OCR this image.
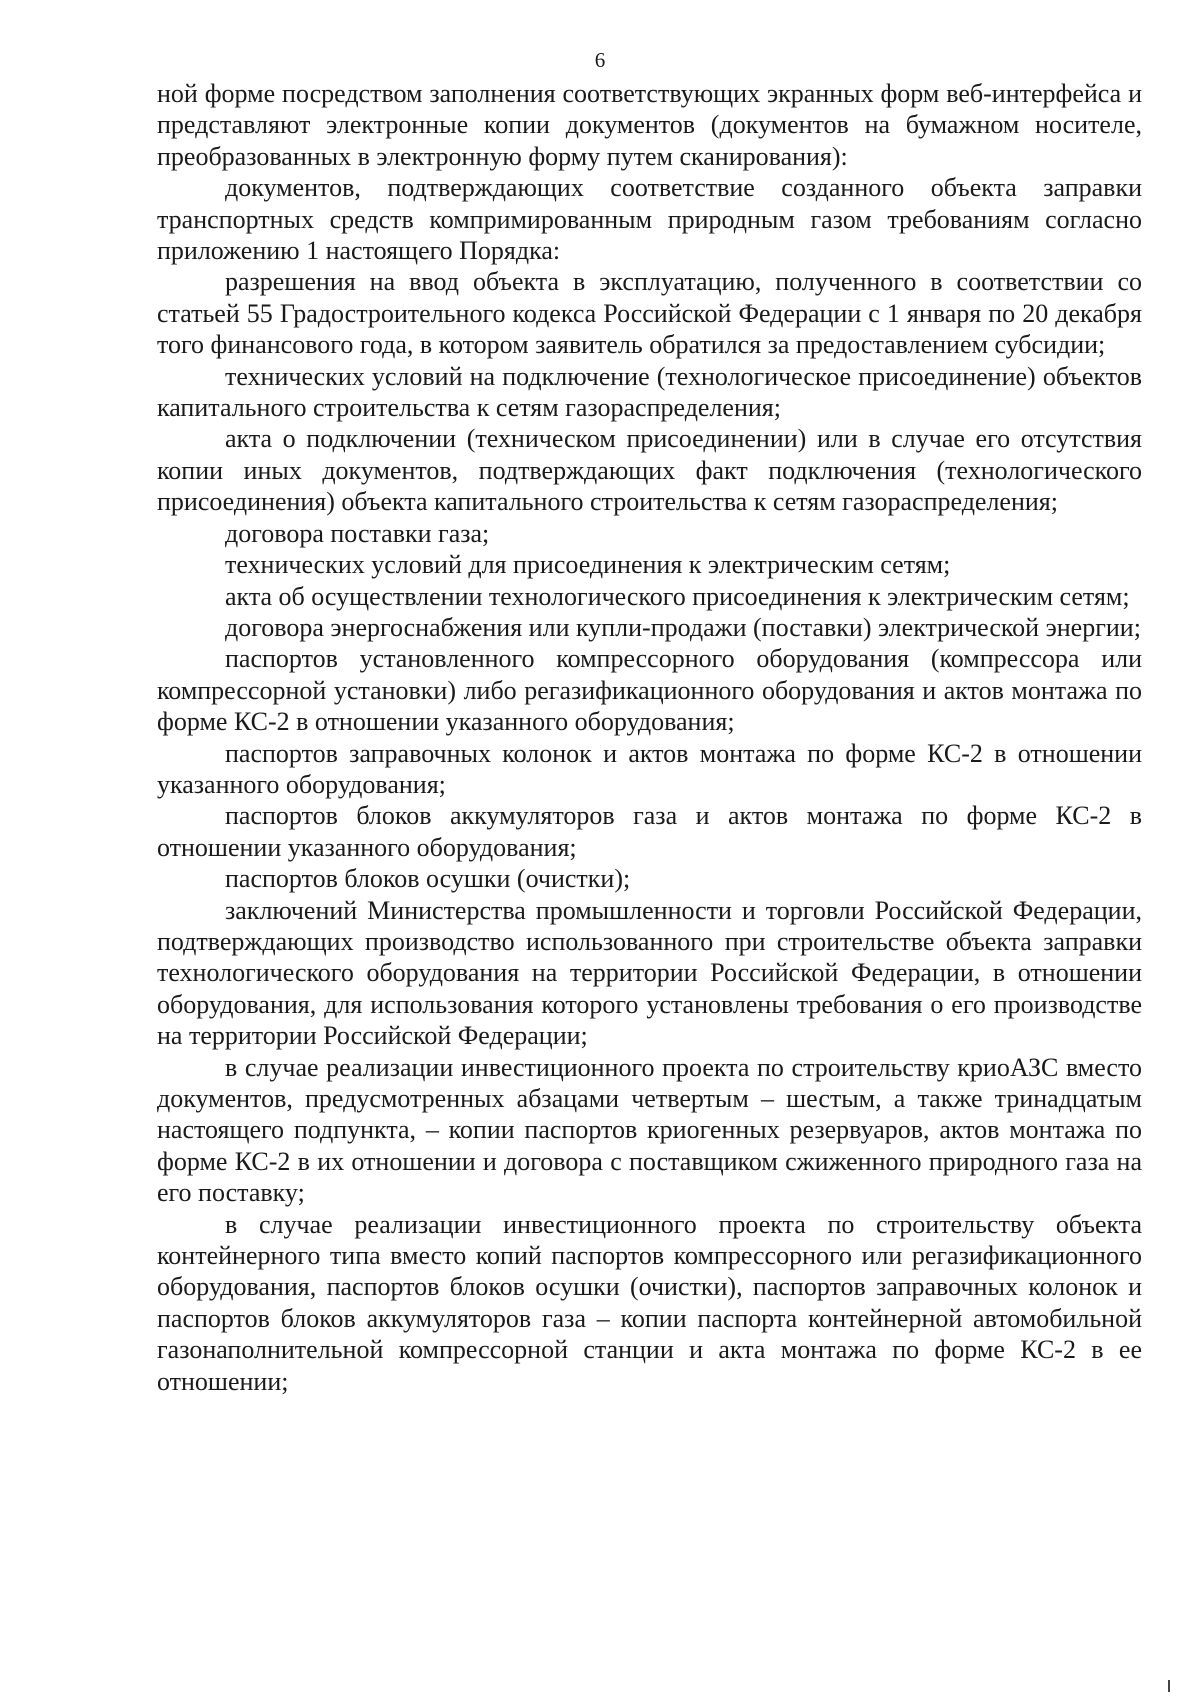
6

ной форме посредством заполнения соответствующих экранных форм веб-интерфейса и представляют электронные копии документов (документов на бумажном носителе, преобразованных в электронную форму путем сканирования):

документов, подтверждающих соответствие созданного объекта заправки транспортных средств компримированным природным газом требованиям согласно приложению 1 настоящего Порядка:

разрешения на ввод объекта в эксплуатацию, полученного в соответствии со статьей 55 Градостроительного кодекса Российской Федерации с 1 января по 20 декабря того финансового года, в котором заявитель обратился за предоставлением субсидии;

технических условий на подключение (технологическое присоединение) объектов капитального строительства к сетям газораспределения;

акта о подключении (техническом присоединении) или в случае его отсутствия копии иных документов, подтверждающих факт подключения (технологического присоединения) объекта капитального строительства к сетям газораспределения;

договора поставки газа;

технических условий для присоединения к электрическим сетям;

акта об осуществлении технологического присоединения к электрическим сетям;

договора энергоснабжения или купли-продажи (поставки) электрической энергии;

паспортов установленного компрессорного оборудования (компрессора или компрессорной установки) либо регазификационного оборудования и актов монтажа по форме КС-2 в отношении указанного оборудования;

паспортов заправочных колонок и актов монтажа по форме КС-2 в отношении указанного оборудования;

паспортов блоков аккумуляторов газа и актов монтажа по форме КС-2 в отношении указанного оборудования;

паспортов блоков осушки (очистки);

заключений Министерства промышленности и торговли Российской Федерации, подтверждающих производство использованного при строительстве объекта заправки технологического оборудования на территории Российской Федерации, в отношении оборудования, для использования которого установлены требования о его производстве на территории Российской Федерации;

в случае реализации инвестиционного проекта по строительству криоАЗС вместо документов, предусмотренных абзацами четвертым – шестым, а также тринадцатым настоящего подпункта, – копии паспортов криогенных резервуаров, актов монтажа по форме КС-2 в их отношении и договора с поставщиком сжиженного природного газа на его поставку;

в случае реализации инвестиционного проекта по строительству объекта контейнерного типа вместо копий паспортов компрессорного или регазификационного оборудования, паспортов блоков осушки (очистки), паспортов заправочных колонок и паспортов блоков аккумуляторов газа – копии паспорта контейнерной автомобильной газонаполнительной компрессорной станции и акта монтажа по форме КС-2 в ее отношении;
